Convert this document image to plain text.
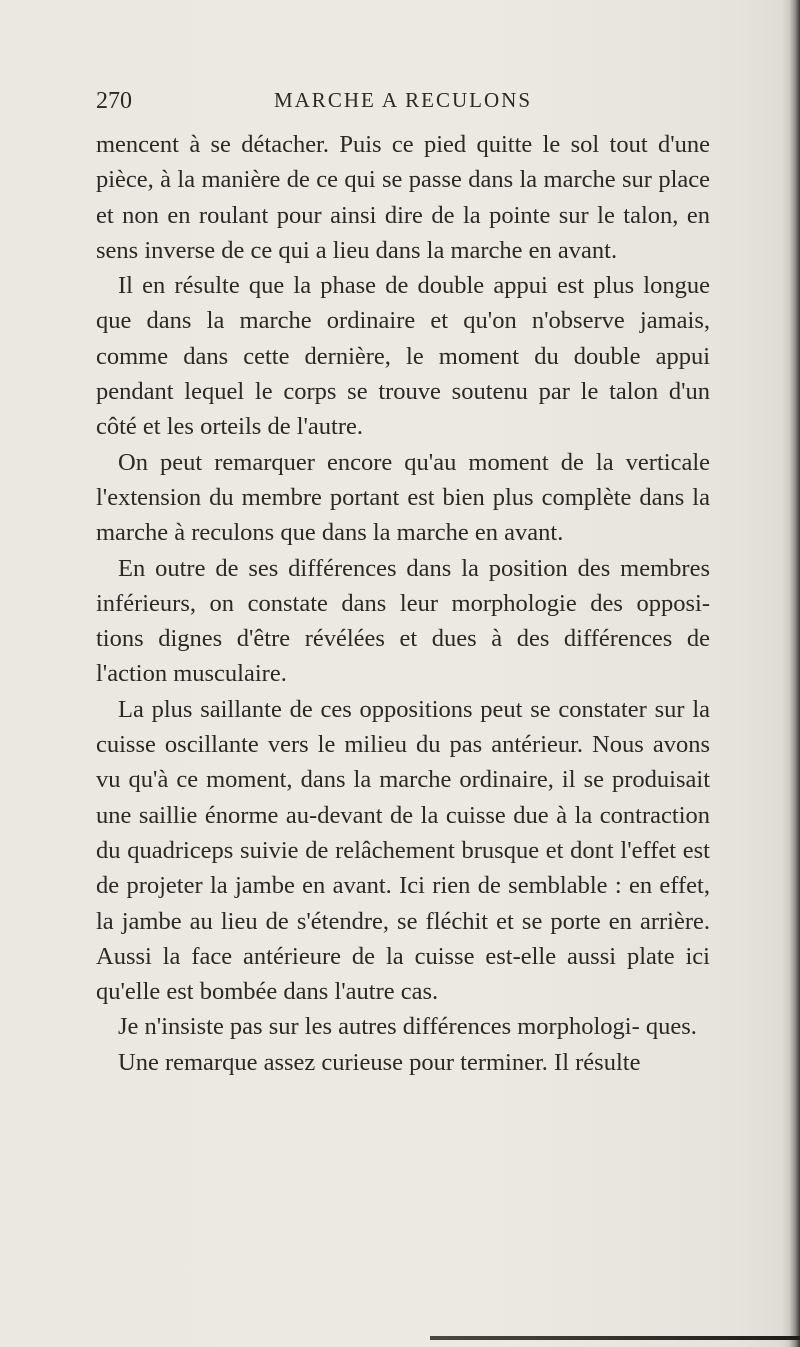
270	MARCHE A RECULONS

mencent à se détacher. Puis ce pied quitte le sol tout d'une pièce, à la manière de ce qui se passe dans la marche sur place et non en roulant pour ainsi dire de la pointe sur le talon, en sens inverse de ce qui a lieu dans la marche en avant.

Il en résulte que la phase de double appui est plus longue que dans la marche ordinaire et qu'on n'observe jamais, comme dans cette dernière, le moment du double appui pendant lequel le corps se trouve soutenu par le talon d'un côté et les orteils de l'autre.

On peut remarquer encore qu'au moment de la verticale l'extension du membre portant est bien plus complète dans la marche à reculons que dans la marche en avant.

En outre de ses différences dans la position des membres inférieurs, on constate dans leur morphologie des opposi- tions dignes d'être révélées et dues à des différences de l'action musculaire.

La plus saillante de ces oppositions peut se constater sur la cuisse oscillante vers le milieu du pas antérieur. Nous avons vu qu'à ce moment, dans la marche ordinaire, il se produisait une saillie énorme au-devant de la cuisse due à la contraction du quadriceps suivie de relâchement brusque et dont l'effet est de projeter la jambe en avant. Ici rien de semblable : en effet, la jambe au lieu de s'étendre, se fléchit et se porte en arrière. Aussi la face antérieure de la cuisse est-elle aussi plate ici qu'elle est bombée dans l'autre cas.

Je n'insiste pas sur les autres différences morphologi- ques.

Une remarque assez curieuse pour terminer. Il résulte
